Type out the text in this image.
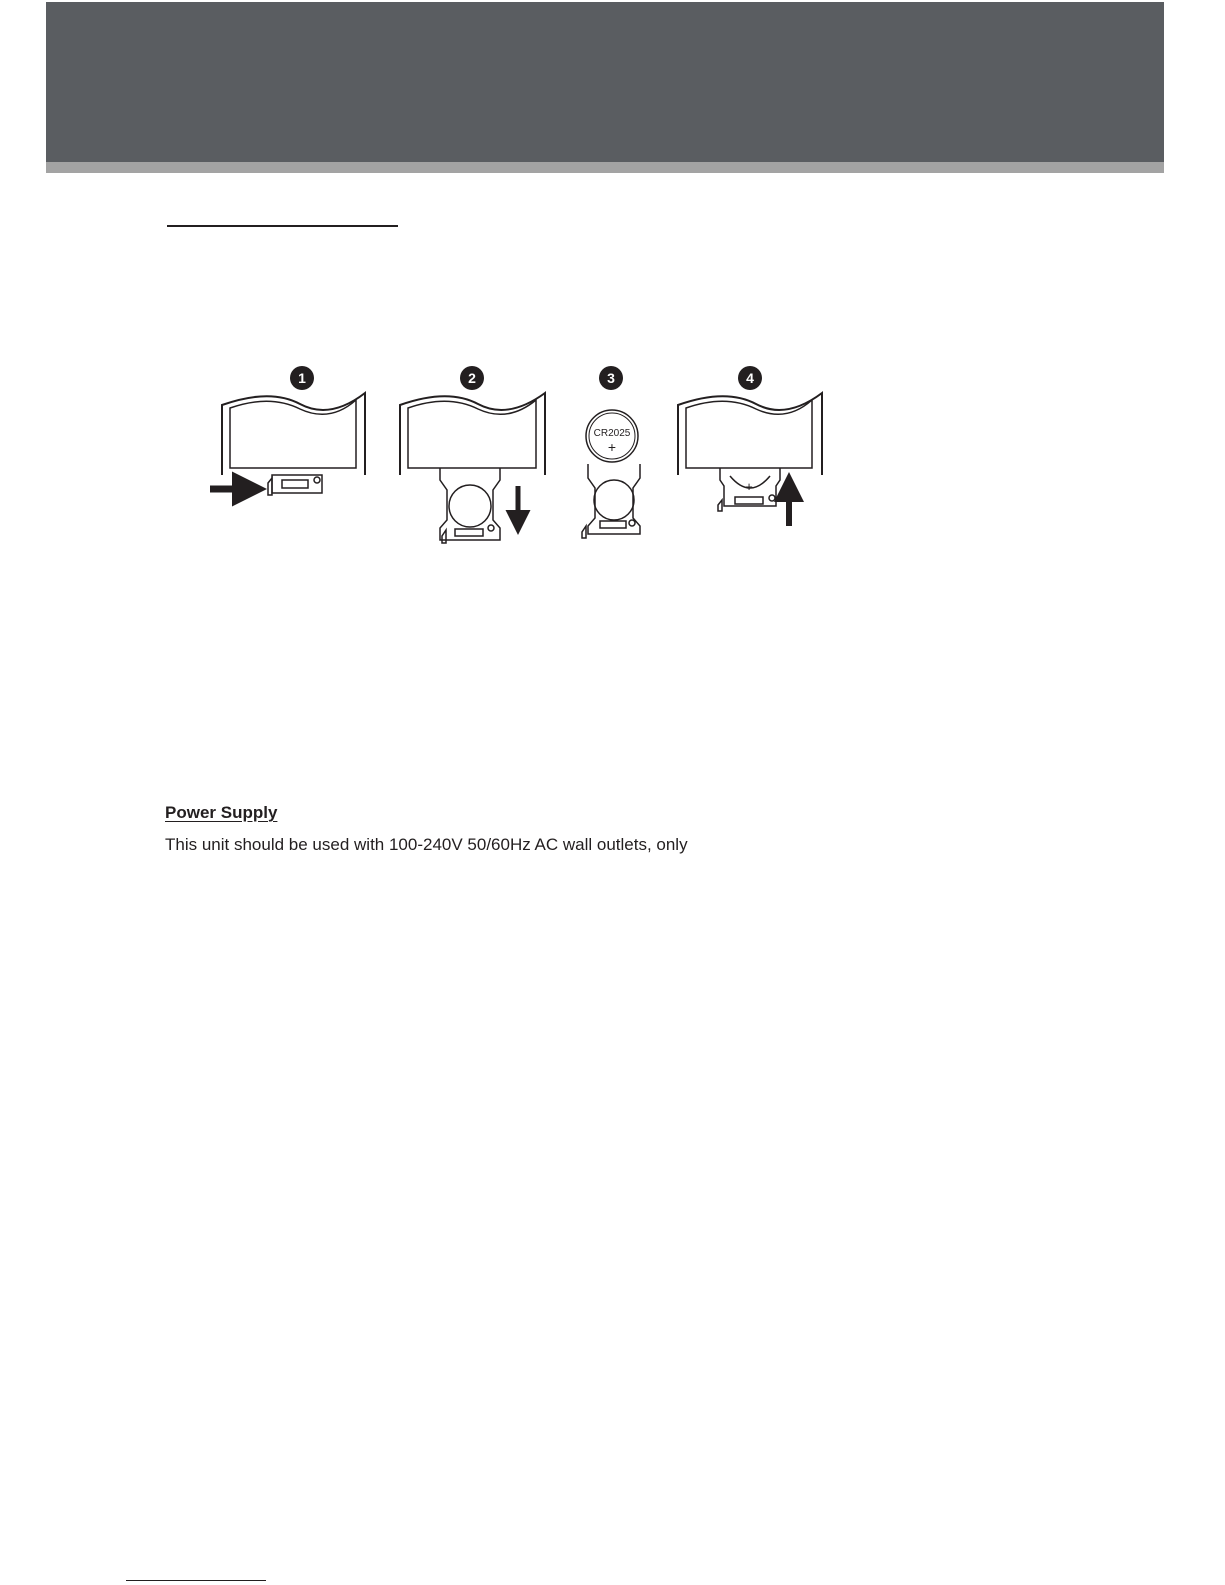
1	2	3
CR2025
+
4
+
Power Supply

This unit should be used with 100-240V 50/60Hz AC wall outlets, only
